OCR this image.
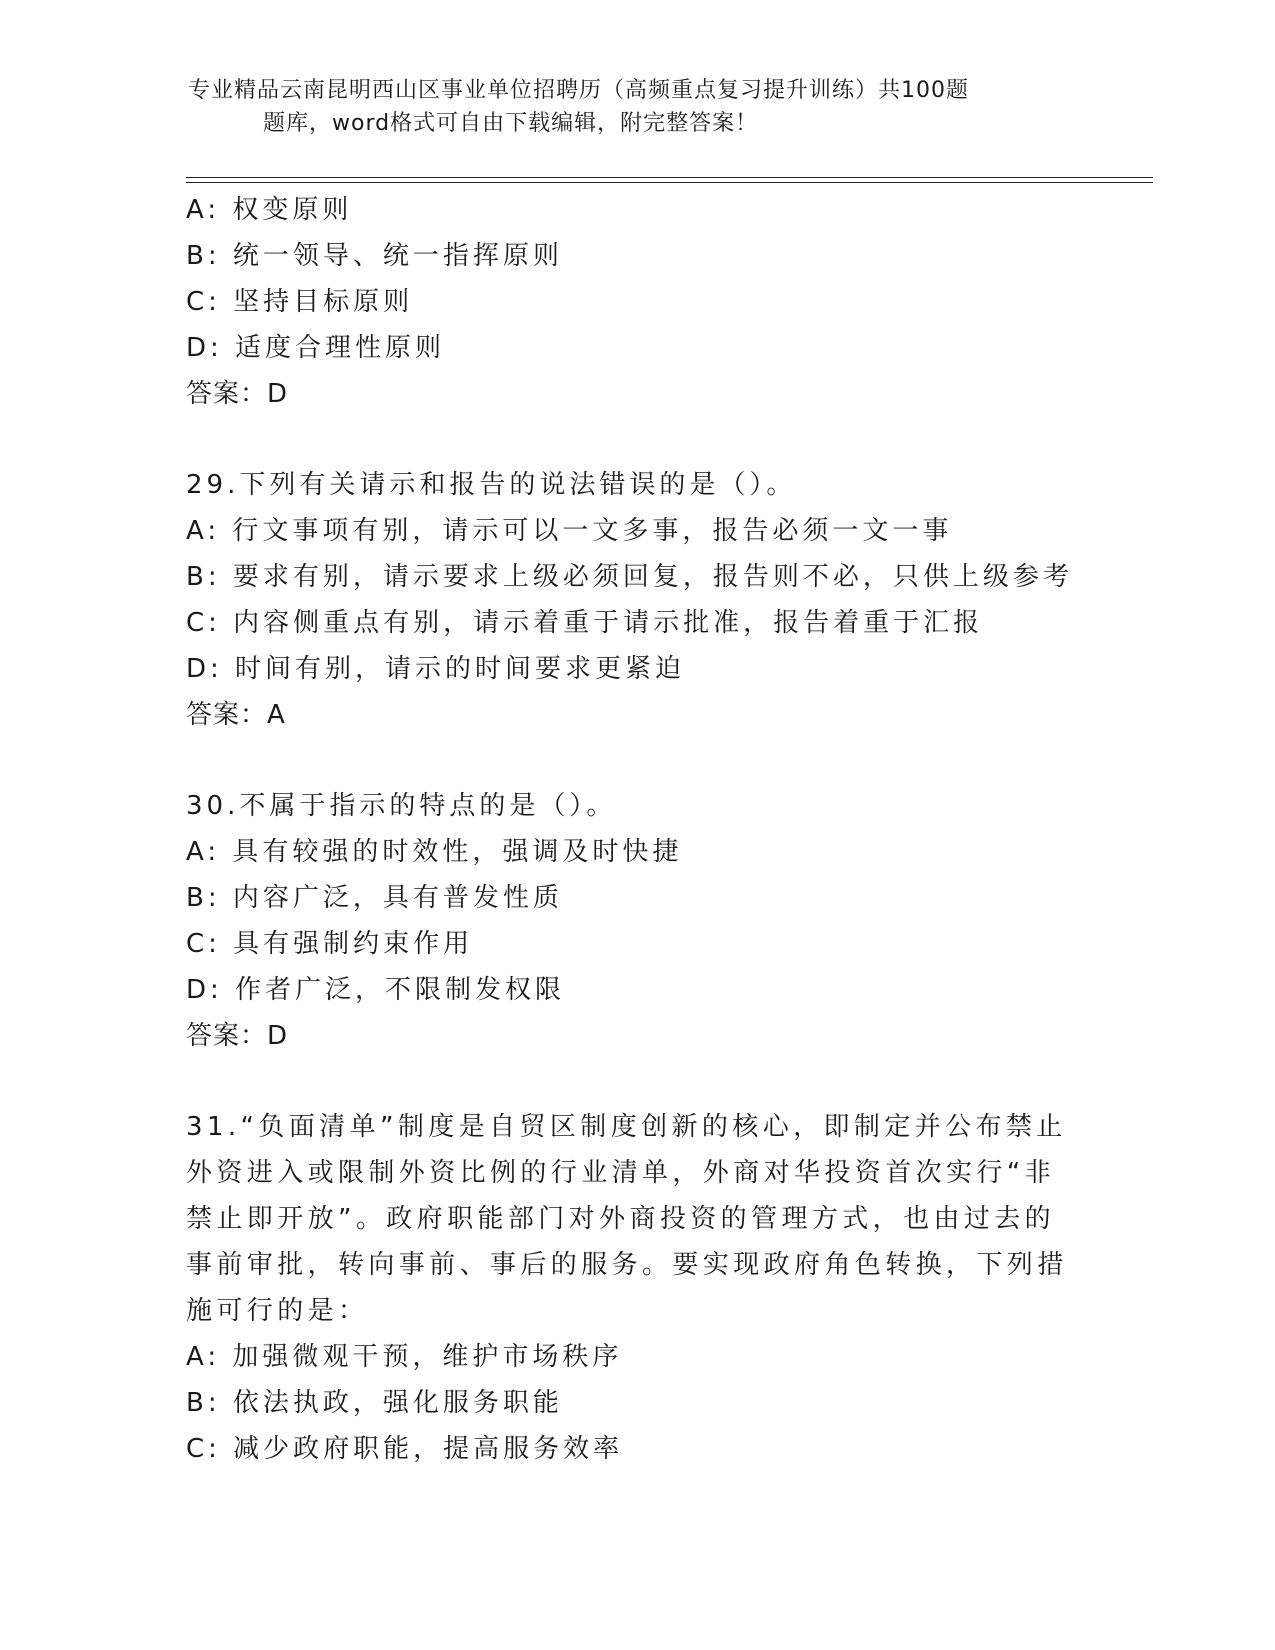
专业精品云南昆明西山区事业单位招聘历（高频重点复习提升训练）共100题
题库，word格式可自由下载编辑，附完整答案！
A: 权变原则
B: 统一领导、统一指挥原则
C: 坚持目标原则
D: 适度合理性原则
答案：D
29.下列有关请示和报告的说法错误的是（）。
A: 行文事项有别，请示可以一文多事，报告必须一文一事
B: 要求有别，请示要求上级必须回复，报告则不必，只供上级参考
C: 内容侧重点有别，请示着重于请示批准，报告着重于汇报
D: 时间有别，请示的时间要求更紧迫
答案：A
30.不属于指示的特点的是（）。
A: 具有较强的时效性，强调及时快捷
B: 内容广泛，具有普发性质
C: 具有强制约束作用
D: 作者广泛，不限制发权限
答案：D
31.“负面清单”制度是自贸区制度创新的核心，即制定并公布禁止外资进入或限制外资比例的行业清单，外商对华投资首次实行“非禁止即开放”。政府职能部门对外商投资的管理方式，也由过去的事前审批，转向事前、事后的服务。要实现政府角色转换，下列措施可行的是：
A: 加强微观干预，维护市场秩序
B: 依法执政，强化服务职能
C: 减少政府职能，提高服务效率
